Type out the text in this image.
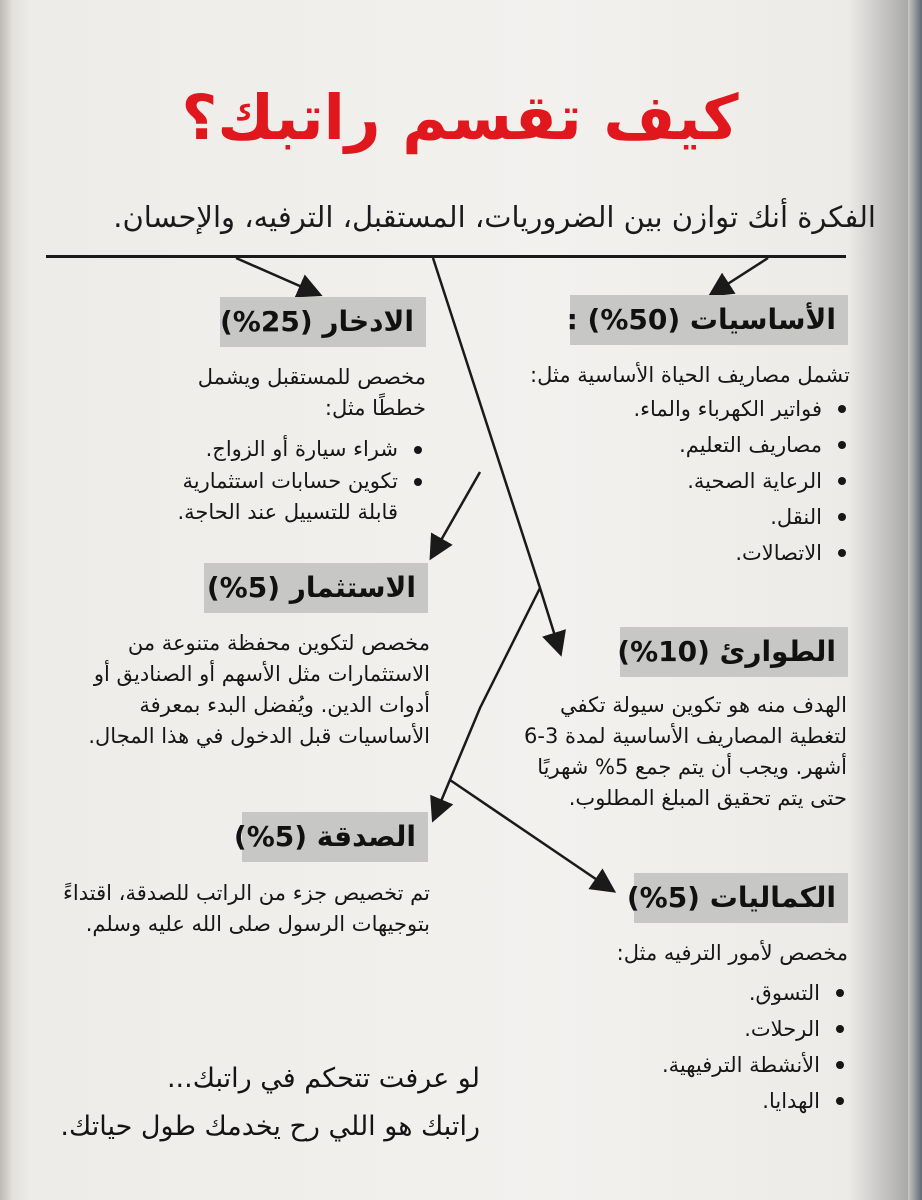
كيف تقسم راتبك؟
الفكرة أنك توازن بين الضروريات، المستقبل، الترفيه، والإحسان.
الأساسيات (50%) :

تشمل مصاريف الحياة الأساسية مثل:

فواتير الكهرباء والماء.
مصاريف التعليم.
الرعاية الصحية.
النقل.
الاتصالات.
الادخار (25%)

مخصص للمستقبل ويشمل خططًا مثل:

شراء سيارة أو الزواج.
تكوين حسابات استثمارية قابلة للتسييل عند الحاجة.
الاستثمار (5%)
مخصص لتكوين محفظة متنوعة من الاستثمارات مثل الأسهم أو الصناديق أو أدوات الدين. ويُفضل البدء بمعرفة الأساسيات قبل الدخول في هذا المجال.
الطوارئ (10%)
الهدف منه هو تكوين سيولة تكفي لتغطية المصاريف الأساسية لمدة 3-6 أشهر. ويجب أن يتم جمع 5% شهريًا حتى يتم تحقيق المبلغ المطلوب.
الصدقة (5%)
تم تخصيص جزء من الراتب للصدقة، اقتداءً بتوجيهات الرسول صلى الله عليه وسلم.
الكماليات (5%)

مخصص لأمور الترفيه مثل:

التسوق.
الرحلات.
الأنشطة الترفيهية.
الهدايا.
لو عرفت تتحكم في راتبك...
راتبك هو اللي رح يخدمك طول حياتك.
